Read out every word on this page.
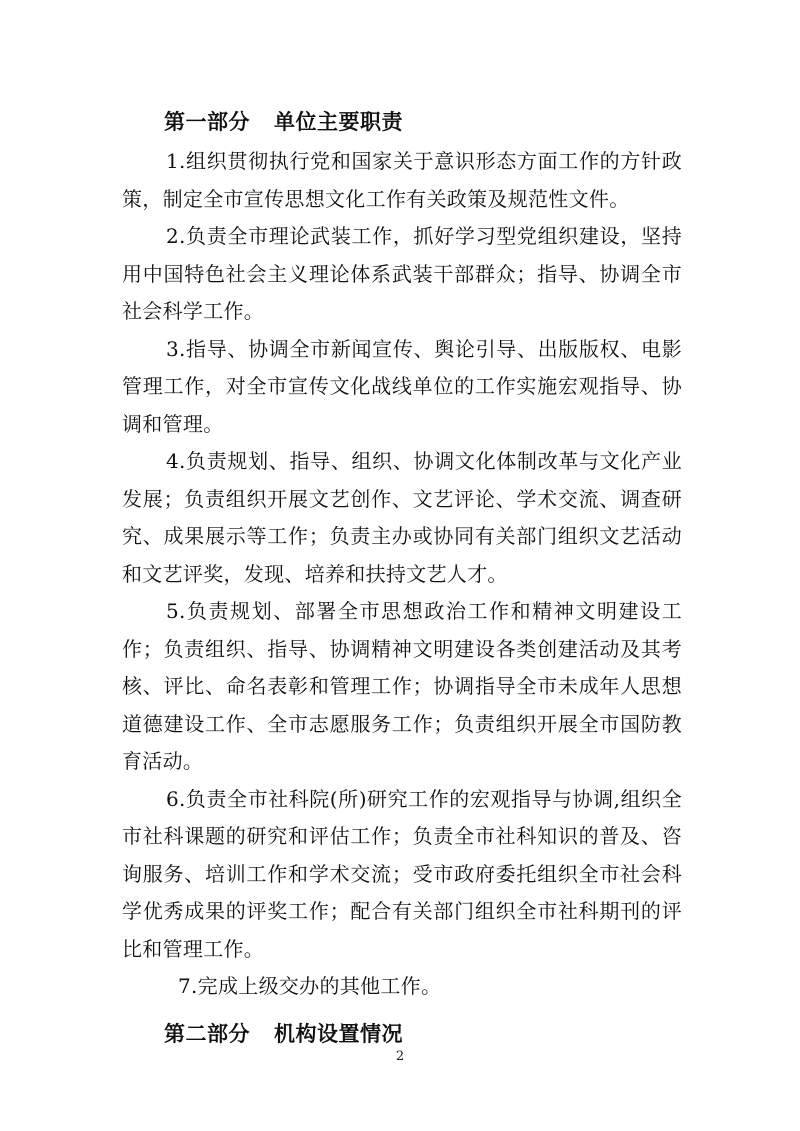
第一部分 单位主要职责

1.组织贯彻执行党和国家关于意识形态方面工作的方针政策，制定全市宣传思想文化工作有关政策及规范性文件。

2.负责全市理论武装工作，抓好学习型党组织建设，坚持用中国特色社会主义理论体系武装干部群众；指导、协调全市社会科学工作。

3.指导、协调全市新闻宣传、舆论引导、出版版权、电影管理工作，对全市宣传文化战线单位的工作实施宏观指导、协调和管理。

4.负责规划、指导、组织、协调文化体制改革与文化产业发展；负责组织开展文艺创作、文艺评论、学术交流、调查研究、成果展示等工作；负责主办或协同有关部门组织文艺活动和文艺评奖，发现、培养和扶持文艺人才。

5.负责规划、部署全市思想政治工作和精神文明建设工作；负责组织、指导、协调精神文明建设各类创建活动及其考核、评比、命名表彰和管理工作；协调指导全市未成年人思想道德建设工作、全市志愿服务工作；负责组织开展全市国防教育活动。

6.负责全市社科院(所)研究工作的宏观指导与协调,组织全市社科课题的研究和评估工作；负责全市社科知识的普及、咨询服务、培训工作和学术交流；受市政府委托组织全市社会科学优秀成果的评奖工作；配合有关部门组织全市社科期刊的评比和管理工作。

7.完成上级交办的其他工作。

第二部分 机构设置情况
2
